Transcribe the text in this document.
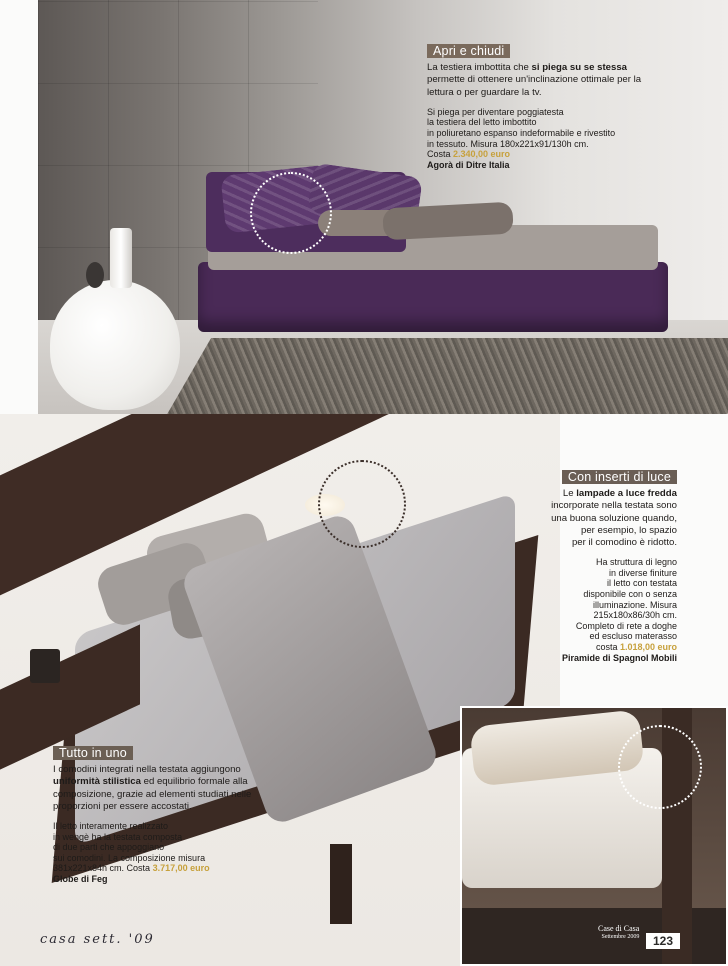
Apri e chiudi

La testiera imbottita che si piega su se stessa permette di ottenere un'inclinazione ottimale per la lettura o per guardare la tv.

Si piega per diventare poggiatesta

la testiera del letto imbottito

in poliuretano espanso indeformabile e rivestito

in tessuto. Misura 180x221x91/130h cm.

Costa 2.340,00 euro

Agorà di Ditre Italia

Con inserti di luce

Le lampade a luce fredda

incorporate nella testata sono

una buona soluzione quando,

per esempio, lo spazio

per il comodino è ridotto.

Ha struttura di legno

in diverse finiture

il letto con testata

disponibile con o senza

illuminazione. Misura

215x180x86/30h cm.

Completo di rete a doghe

ed escluso materasso

costa 1.018,00 euro

Piramide di Spagnol Mobili

Tutto in uno

I comodini integrati nella testata aggiungono uniformità stilistica ed equilibrio formale alla composizione, grazie ad elementi studiati nelle proporzioni per essere accostati.

Il letto interamente realizzato

in wengè ha la testata composta

di due parti che appoggiano

sui comodini. La composizione misura

381x221x84h cm. Costa 3.717,00 euro

Globe di Feg

casa sett. '09
Case di Casa
Settembre 2009	123
